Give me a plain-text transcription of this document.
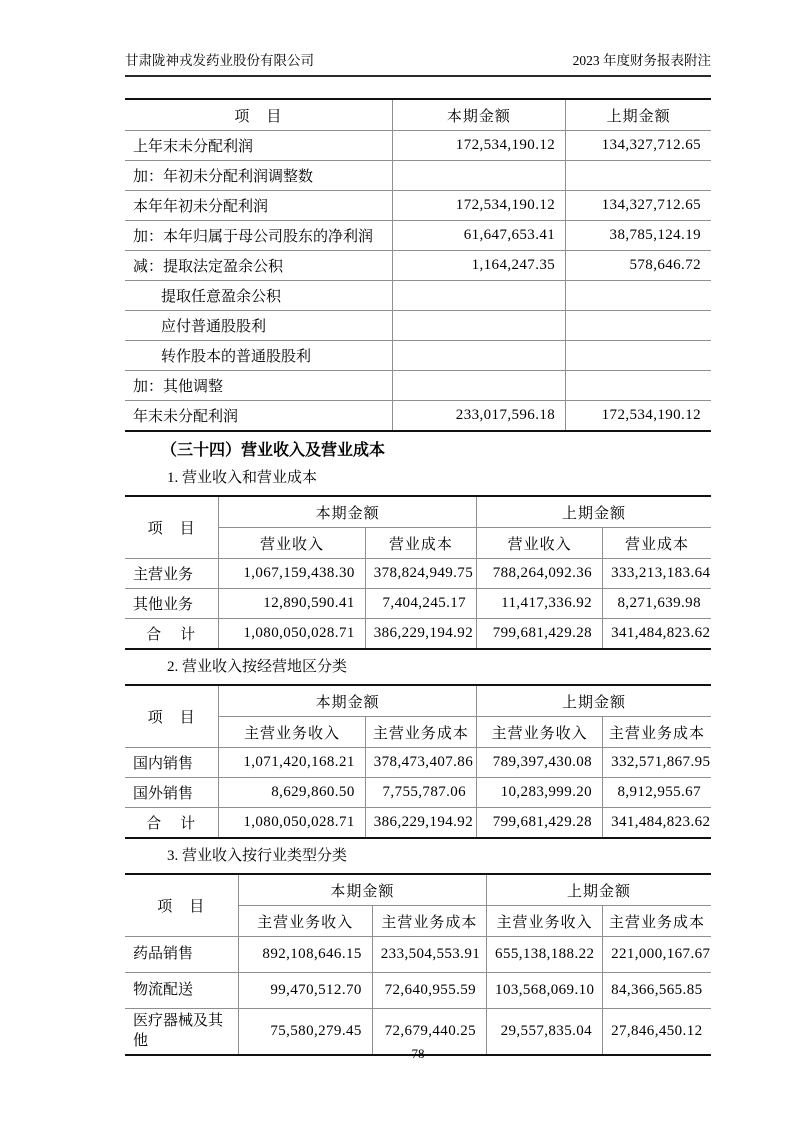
甘肃陇神戎发药业股份有限公司	2023 年度财务报表附注
项　目	本期金额	上期金额
上年末未分配利润	172,534,190.12	134,327,712.65
加：年初未分配利润调整数		
本年年初未分配利润	172,534,190.12	134,327,712.65
加：本年归属于母公司股东的净利润	61,647,653.41	38,785,124.19
减：提取法定盈余公积	1,164,247.35	578,646.72
提取任意盈余公积		
应付普通股股利		
转作股本的普通股股利		
加：其他调整		
年末未分配利润	233,017,596.18	172,534,190.12
（三十四）营业收入及营业成本
1. 营业收入和营业成本
项　目	本期金额		上期金额	
	营业收入	营业成本	营业收入	营业成本
主营业务	1,067,159,438.30	378,824,949.75	788,264,092.36	333,213,183.64
其他业务	12,890,590.41	7,404,245.17	11,417,336.92	8,271,639.98
合　计	1,080,050,028.71	386,229,194.92	799,681,429.28	341,484,823.62
2. 营业收入按经营地区分类
项　目	本期金额		上期金额	
	主营业务收入	主营业务成本	主营业务收入	主营业务成本
国内销售	1,071,420,168.21	378,473,407.86	789,397,430.08	332,571,867.95
国外销售	8,629,860.50	7,755,787.06	10,283,999.20	8,912,955.67
合　计	1,080,050,028.71	386,229,194.92	799,681,429.28	341,484,823.62
3. 营业收入按行业类型分类
项　目	本期金额		上期金额	
	主营业务收入	主营业务成本	主营业务收入	主营业务成本
药品销售	892,108,646.15	233,504,553.91	655,138,188.22	221,000,167.67
物流配送	99,470,512.70	72,640,955.59	103,568,069.10	84,366,565.85
医疗器械及其他	75,580,279.45	72,679,440.25	29,557,835.04	27,846,450.12
78
